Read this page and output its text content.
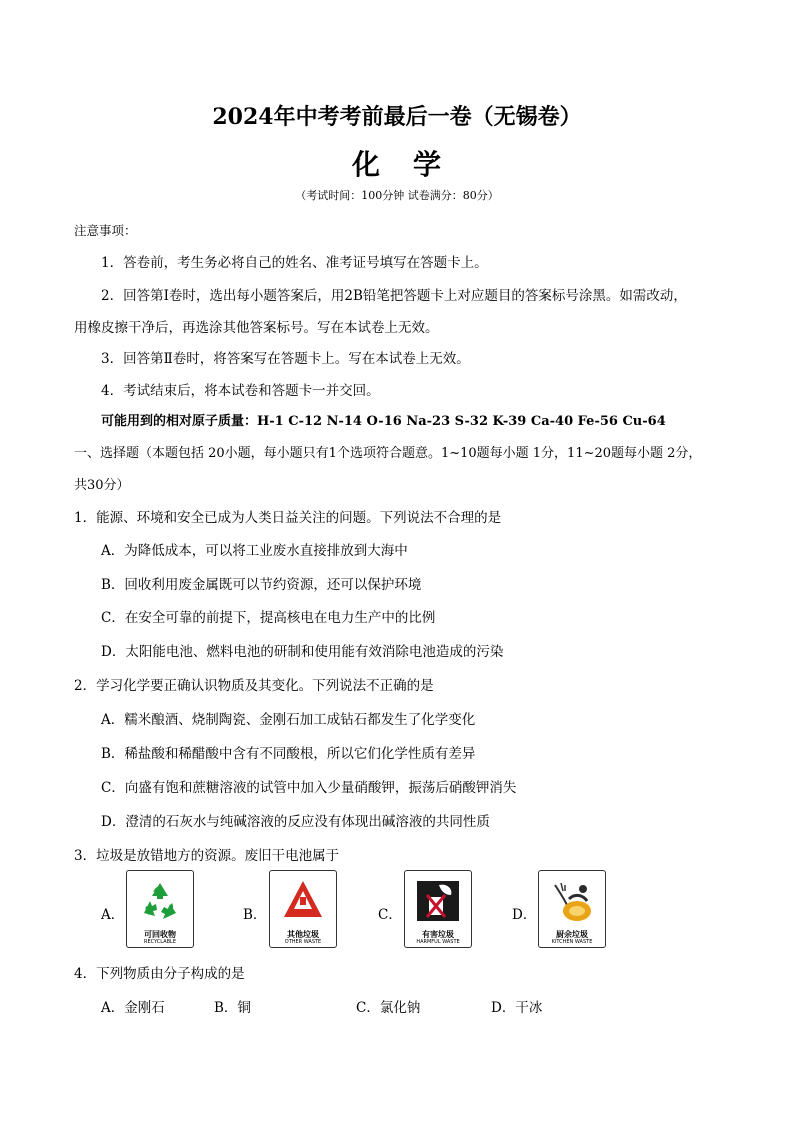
2024年中考考前最后一卷（无锡卷）
化 学
（考试时间：100分钟 试卷满分：80分）
注意事项：
1．答卷前，考生务必将自己的姓名、准考证号填写在答题卡上。
2．回答第Ⅰ卷时，选出每小题答案后，用2B铅笔把答题卡上对应题目的答案标号涂黑。如需改动，
用橡皮擦干净后，再选涂其他答案标号。写在本试卷上无效。
3．回答第Ⅱ卷时，将答案写在答题卡上。写在本试卷上无效。
4．考试结束后，将本试卷和答题卡一并交回。
可能用到的相对原子质量：H-1 C-12 N-14 O-16 Na-23 S-32 K-39 Ca-40 Fe-56 Cu-64
一、选择题（本题包括 20小题，每小题只有1个选项符合题意。1~10题每小题 1分，11~20题每小题 2分，
共30分）
1．能源、环境和安全已成为人类日益关注的问题。下列说法不合理的是
A．为降低成本，可以将工业废水直接排放到大海中
B．回收利用废金属既可以节约资源，还可以保护环境
C．在安全可靠的前提下，提高核电在电力生产中的比例
D．太阳能电池、燃料电池的研制和使用能有效消除电池造成的污染
2．学习化学要正确认识物质及其变化。下列说法不正确的是
A．糯米酿酒、烧制陶瓷、金刚石加工成钻石都发生了化学变化
B．稀盐酸和稀醋酸中含有不同酸根，所以它们化学性质有差异
C．向盛有饱和蔗糖溶液的试管中加入少量硝酸钾，振荡后硝酸钾消失
D．澄清的石灰水与纯碱溶液的反应没有体现出碱溶液的共同性质
3．垃圾是放错地方的资源。废旧干电池属于
A．
可回收物
RECYCLABLE
B．
其他垃圾
OTHER WASTE
C．
有害垃圾
HARMFUL WASTE
D．
厨余垃圾
KITCHEN WASTE
4．下列物质由分子构成的是
A．金刚石	B．铜	C．氯化钠	D．干冰
